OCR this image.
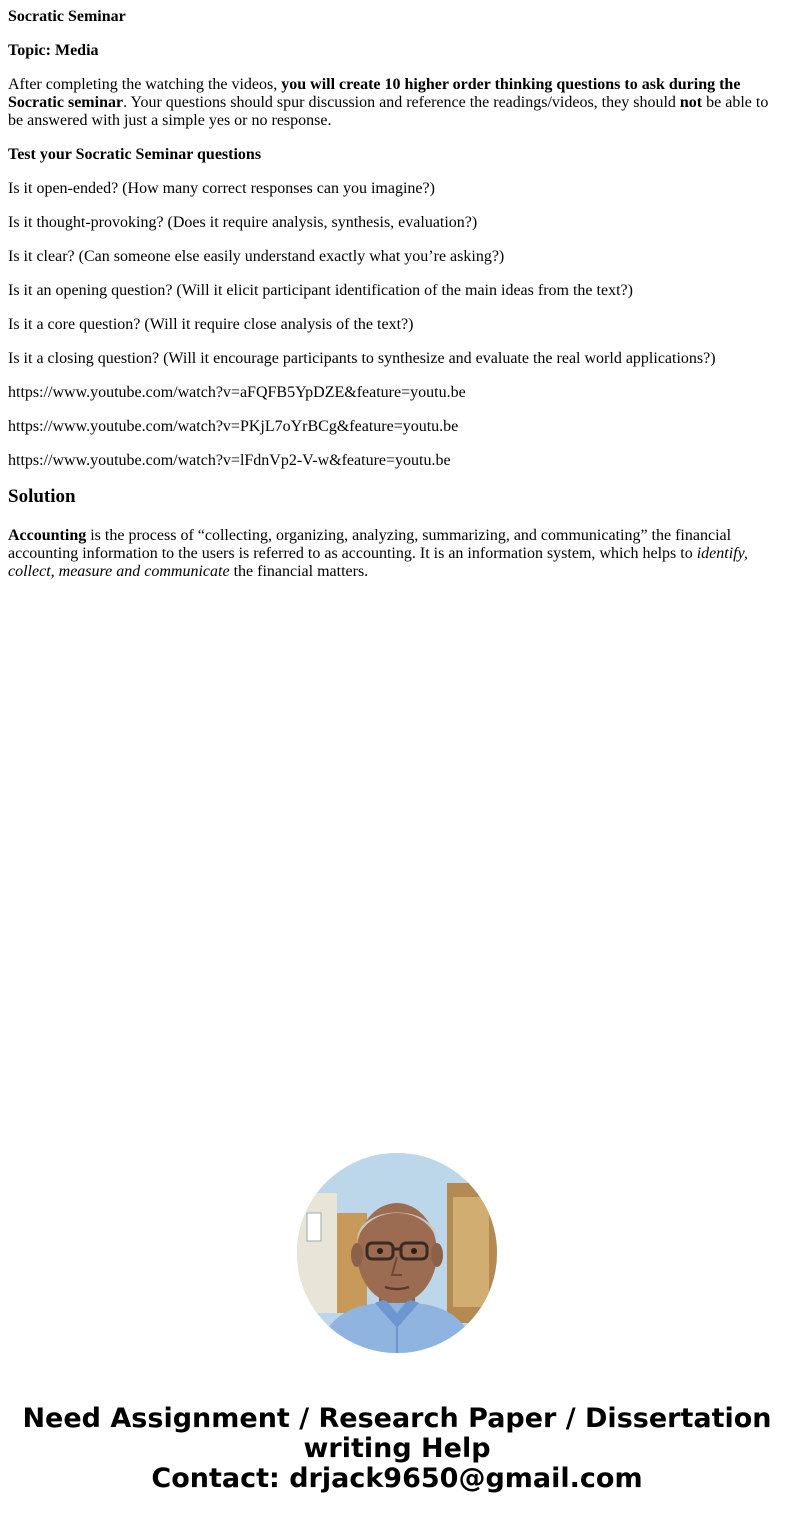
Socratic Seminar

Topic: Media

After completing the watching the videos, you will create 10 higher order thinking questions to ask during the Socratic seminar. Your questions should spur discussion and reference the readings/videos, they should not be able to be answered with just a simple yes or no response.

Test your Socratic Seminar questions

Is it open-ended? (How many correct responses can you imagine?)

Is it thought-provoking? (Does it require analysis, synthesis, evaluation?)

Is it clear? (Can someone else easily understand exactly what you’re asking?)

Is it an opening question? (Will it elicit participant identification of the main ideas from the text?)

Is it a core question? (Will it require close analysis of the text?)

Is it a closing question? (Will it encourage participants to synthesize and evaluate the real world applications?)

https://www.youtube.com/watch?v=aFQFB5YpDZE&feature=youtu.be

https://www.youtube.com/watch?v=PKjL7oYrBCg&feature=youtu.be

https://www.youtube.com/watch?v=lFdnVp2-V-w&feature=youtu.be

Solution

Accounting is the process of “collecting, organizing, analyzing, summarizing, and communicating” the financial accounting information to the users is referred to as accounting. It is an information system, which helps to identify, collect, measure and communicate the financial matters.

Need Assignment / Research Paper / Dissertation
writing Help
Contact: drjack9650@gmail.com
